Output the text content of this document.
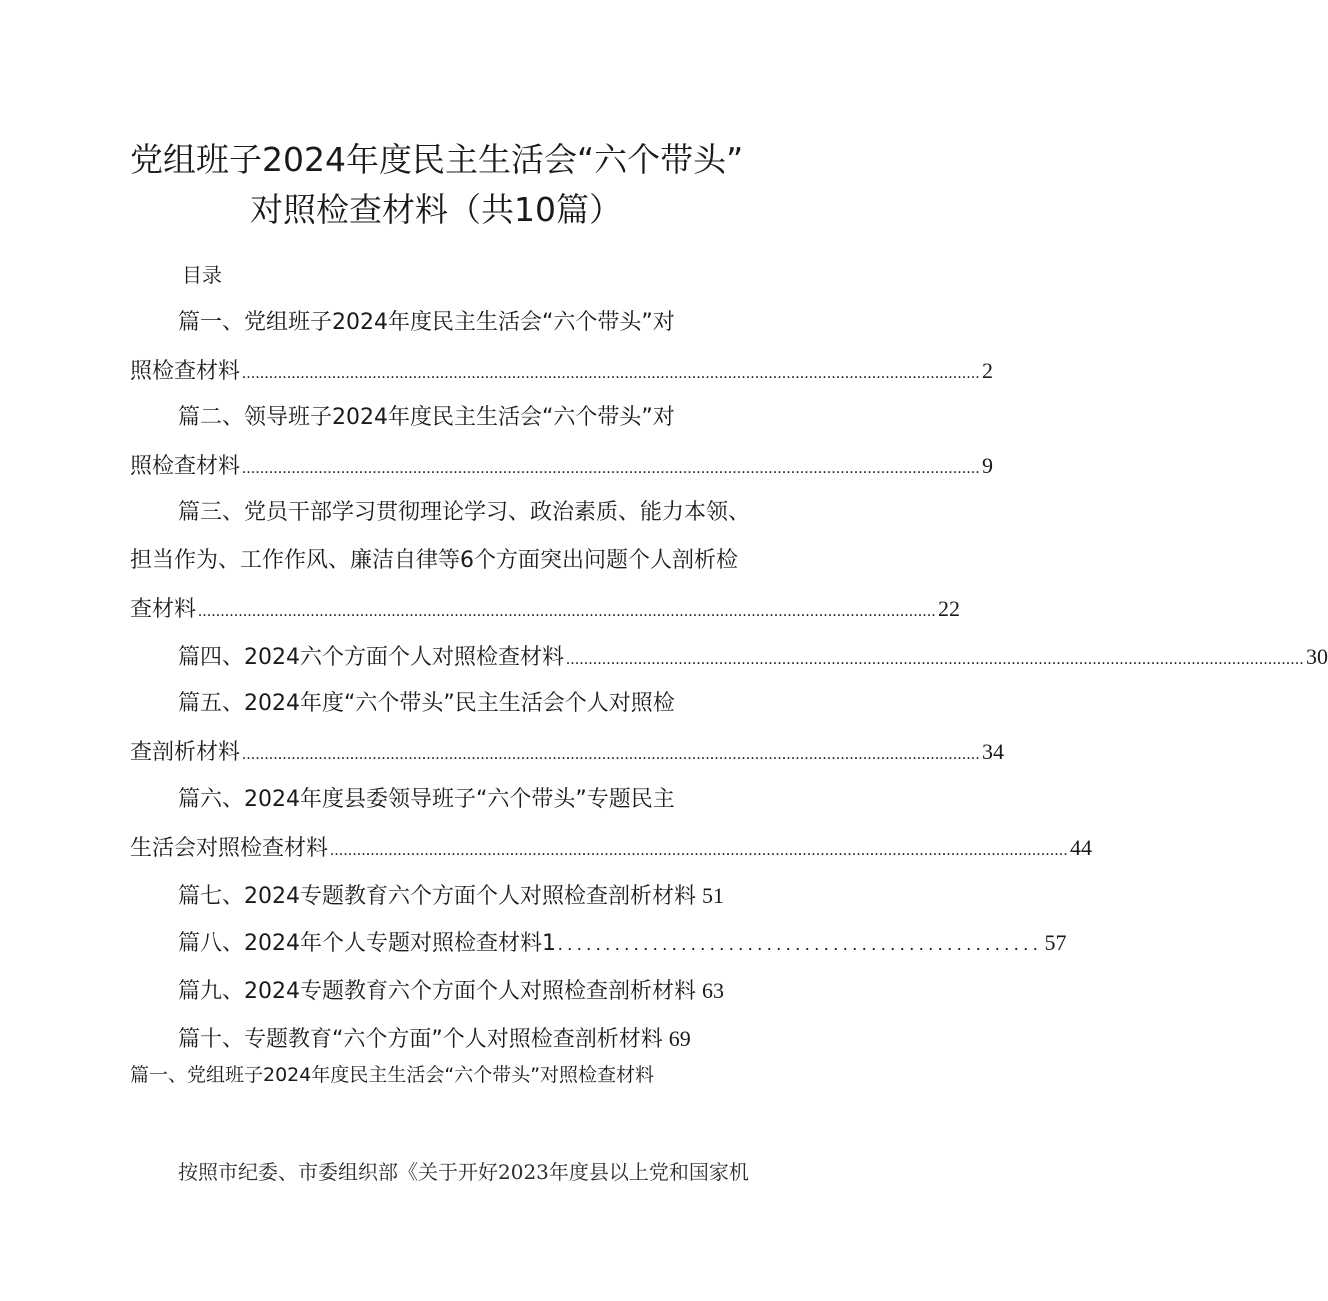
党组班子2024年度民主生活会“六个带头”
对照检查材料（共10篇）
目录
篇一、党组班子2024年度民主生活会“六个带头”对
照检查材料 .................................................................................................................................................................... 2
篇二、领导班子2024年度民主生活会“六个带头”对
照检查材料 .................................................................................................................................................................... 9
篇三、党员干部学习贯彻理论学习、政治素质、能力本领、
担当作为、工作作风、廉洁自律等6个方面突出问题个人剖析检
查材料 .................................................................................................................................................................... 22
篇四、2024六个方面个人对照检查材料 .................................................................................................................................................................... 30
篇五、2024年度“六个带头”民主生活会个人对照检
查剖析材料 .................................................................................................................................................................... 34
篇六、2024年度县委领导班子“六个带头”专题民主
生活会对照检查材料 .................................................................................................................................................................... 44
篇七、2024专题教育六个方面个人对照检查剖析材料 51
篇八、2024年个人专题对照检查材料1 ................................................... 57
篇九、2024专题教育六个方面个人对照检查剖析材料 63
篇十、专题教育“六个方面”个人对照检查剖析材料 69
篇一、党组班子2024年度民主生活会“六个带头”对照检查材料
按照市纪委、市委组织部《关于开好2023年度县以上党和国家机
